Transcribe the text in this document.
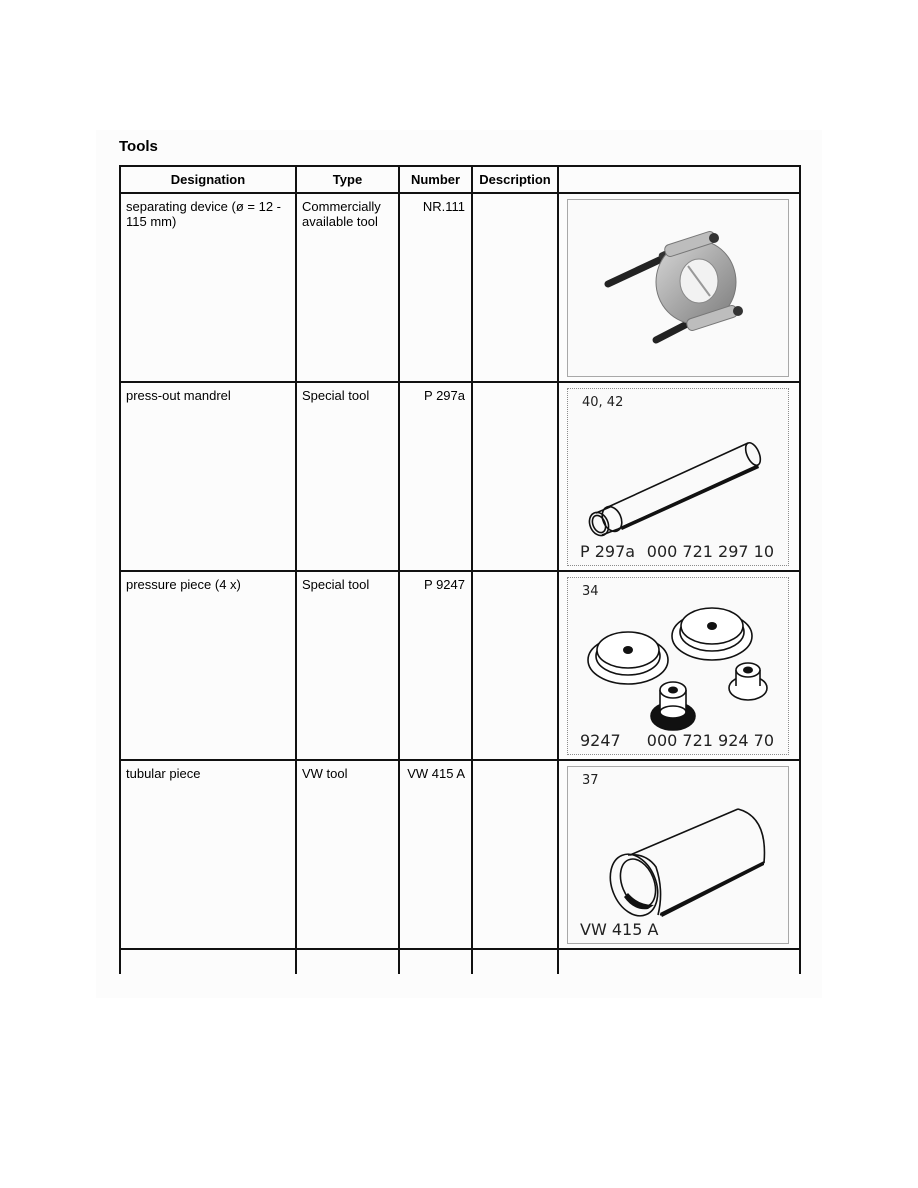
Tools
Designation	Type	Number	Description	

separating device (ø = 12 - 115 mm)	Commercially available tool	NR.111

press-out mandrel	Special tool	P 297a		40, 42
P 297a 000 721 297 10

pressure piece (4 x)	Special tool	P 9247		34
9247 000 721 924 70

tubular piece	VW tool	VW 415 A		37
VW 415 A
